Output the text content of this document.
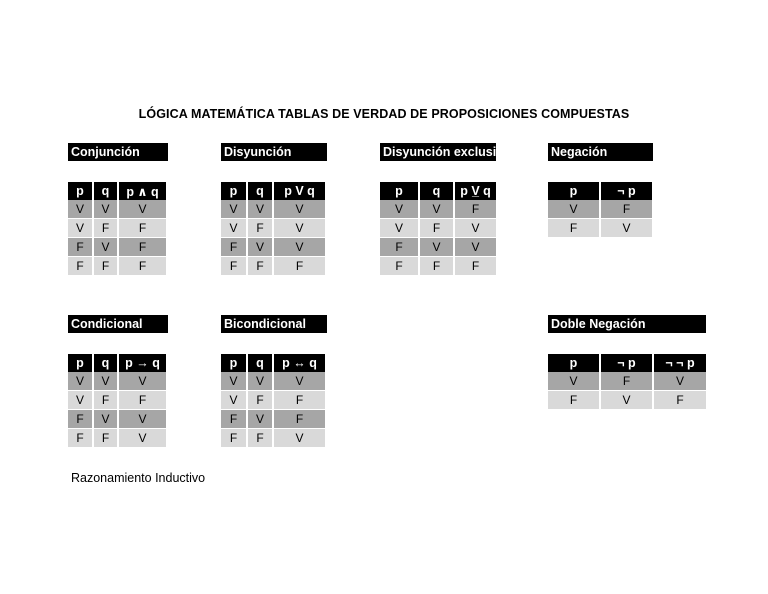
LÓGICA MATEMÁTICA TABLAS DE VERDAD DE PROPOSICIONES COMPUESTAS
Conjunción
p	q	p ∧ q
V	V	V
V	F	F
F	V	F
F	F	F
Disyunción
p	q	p V q
V	V	V
V	F	V
F	V	V
F	F	F
Disyunción exclusi
p	q	p V̲ q
V	V	F
V	F	V
F	V	V
F	F	F
Negación
p	¬ p
V	F
F	V
Condicional
p	q	p → q
V	V	V
V	F	F
F	V	V
F	F	V
Bicondicional
p	q	p ↔ q
V	V	V
V	F	F
F	V	F
F	F	V
Doble Negación
p	¬ p	¬ ¬ p
V	F	V
F	V	F
Razonamiento Inductivo
